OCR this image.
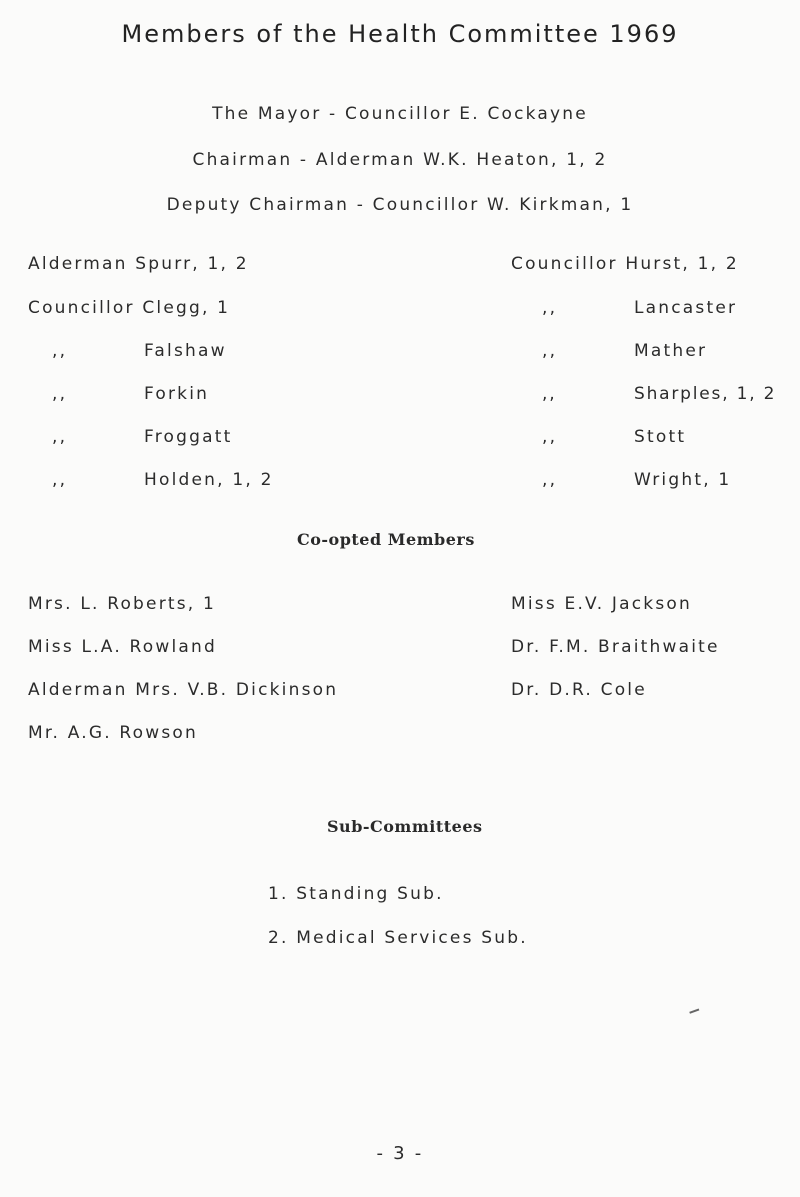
Members of the Health Committee 1969
The Mayor - Councillor E. Cockayne
Chairman - Alderman W.K. Heaton, 1, 2
Deputy Chairman - Councillor W. Kirkman, 1
Alderman Spurr, 1, 2
Councillor Clegg, 1
,,	Falshaw
,,	Forkin
,,	Froggatt
,,	Holden, 1, 2
Councillor Hurst, 1, 2
,,	Lancaster
,,	Mather
,,	Sharples, 1, 2
,,	Stott
,,	Wright, 1
Co-opted Members
Mrs. L. Roberts, 1
Miss L.A. Rowland
Alderman Mrs. V.B. Dickinson
Mr. A.G. Rowson
Miss E.V. Jackson
Dr. F.M. Braithwaite
Dr. D.R. Cole
Sub-Committees
1. Standing Sub.
2. Medical Services Sub.
- 3 -
